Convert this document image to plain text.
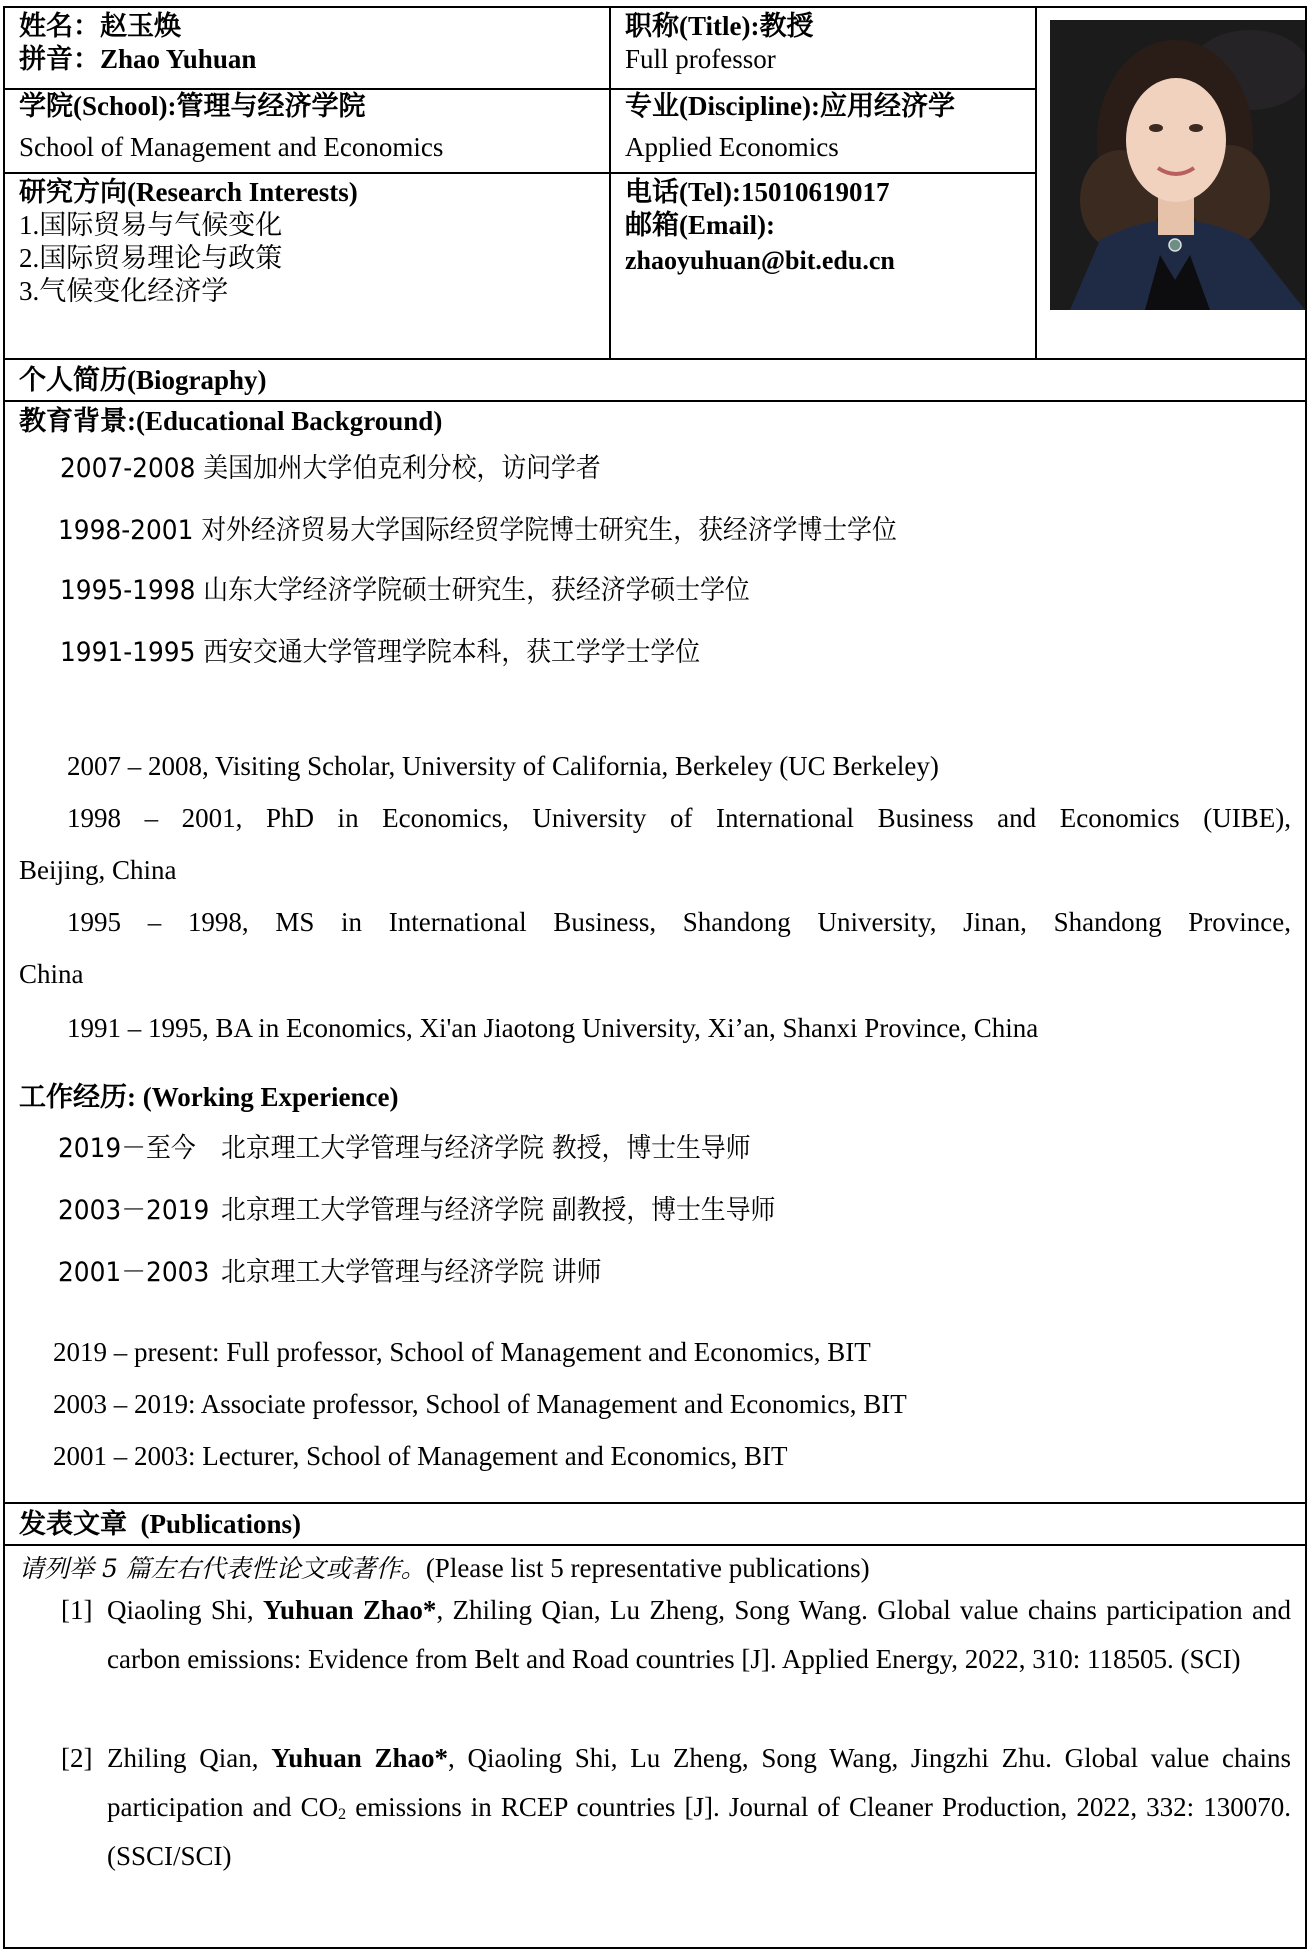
姓名：赵玉焕
拼音：Zhao Yuhuan
职称(Title):教授
Full professor
学院(School):管理与经济学院
School of Management and Economics
专业(Discipline):应用经济学
Applied Economics
研究方向(Research Interests)
1.国际贸易与气候变化
2.国际贸易理论与政策
3.气候变化经济学
电话(Tel):15010619017
邮箱(Email):
zhaoyuhuan@bit.edu.cn
个人简历(Biography)
教育背景:(Educational Background)
2007-2008 美国加州大学伯克利分校，访问学者
1998-2001 对外经济贸易大学国际经贸学院博士研究生，获经济学博士学位
1995-1998 山东大学经济学院硕士研究生，获经济学硕士学位
1991-1995 西安交通大学管理学院本科，获工学学士学位
2007 – 2008, Visiting Scholar, University of California, Berkeley (UC Berkeley)
1998 – 2001, PhD in Economics, University of International Business and Economics (UIBE),
Beijing, China
1995 – 1998, MS in International Business, Shandong University, Jinan, Shandong Province,
China
1991 – 1995, BA in Economics, Xi'an Jiaotong University, Xi’an, Shanxi Province, China
工作经历: (Working Experience)
2019－至今 北京理工大学管理与经济学院 教授，博士生导师
2003－2019 北京理工大学管理与经济学院 副教授，博士生导师
2001－2003 北京理工大学管理与经济学院 讲师
2019 – present: Full professor, School of Management and Economics, BIT
2003 – 2019: Associate professor, School of Management and Economics, BIT
2001 – 2003: Lecturer, School of Management and Economics, BIT
发表文章  (Publications)
请列举 5 篇左右代表性论文或著作。(Please list 5 representative publications)
[1] Qiaoling Shi, Yuhuan Zhao*, Zhiling Qian, Lu Zheng, Song Wang. Global value chains participation and carbon emissions: Evidence from Belt and Road countries [J]. Applied Energy, 2022, 310: 118505. (SCI)
[2] Zhiling Qian, Yuhuan Zhao*, Qiaoling Shi, Lu Zheng, Song Wang, Jingzhi Zhu. Global value chains participation and $CO_2$ emissions in RCEP countries [J]. Journal of Cleaner Production, 2022, 332: 130070. (SSCI/SCI)
